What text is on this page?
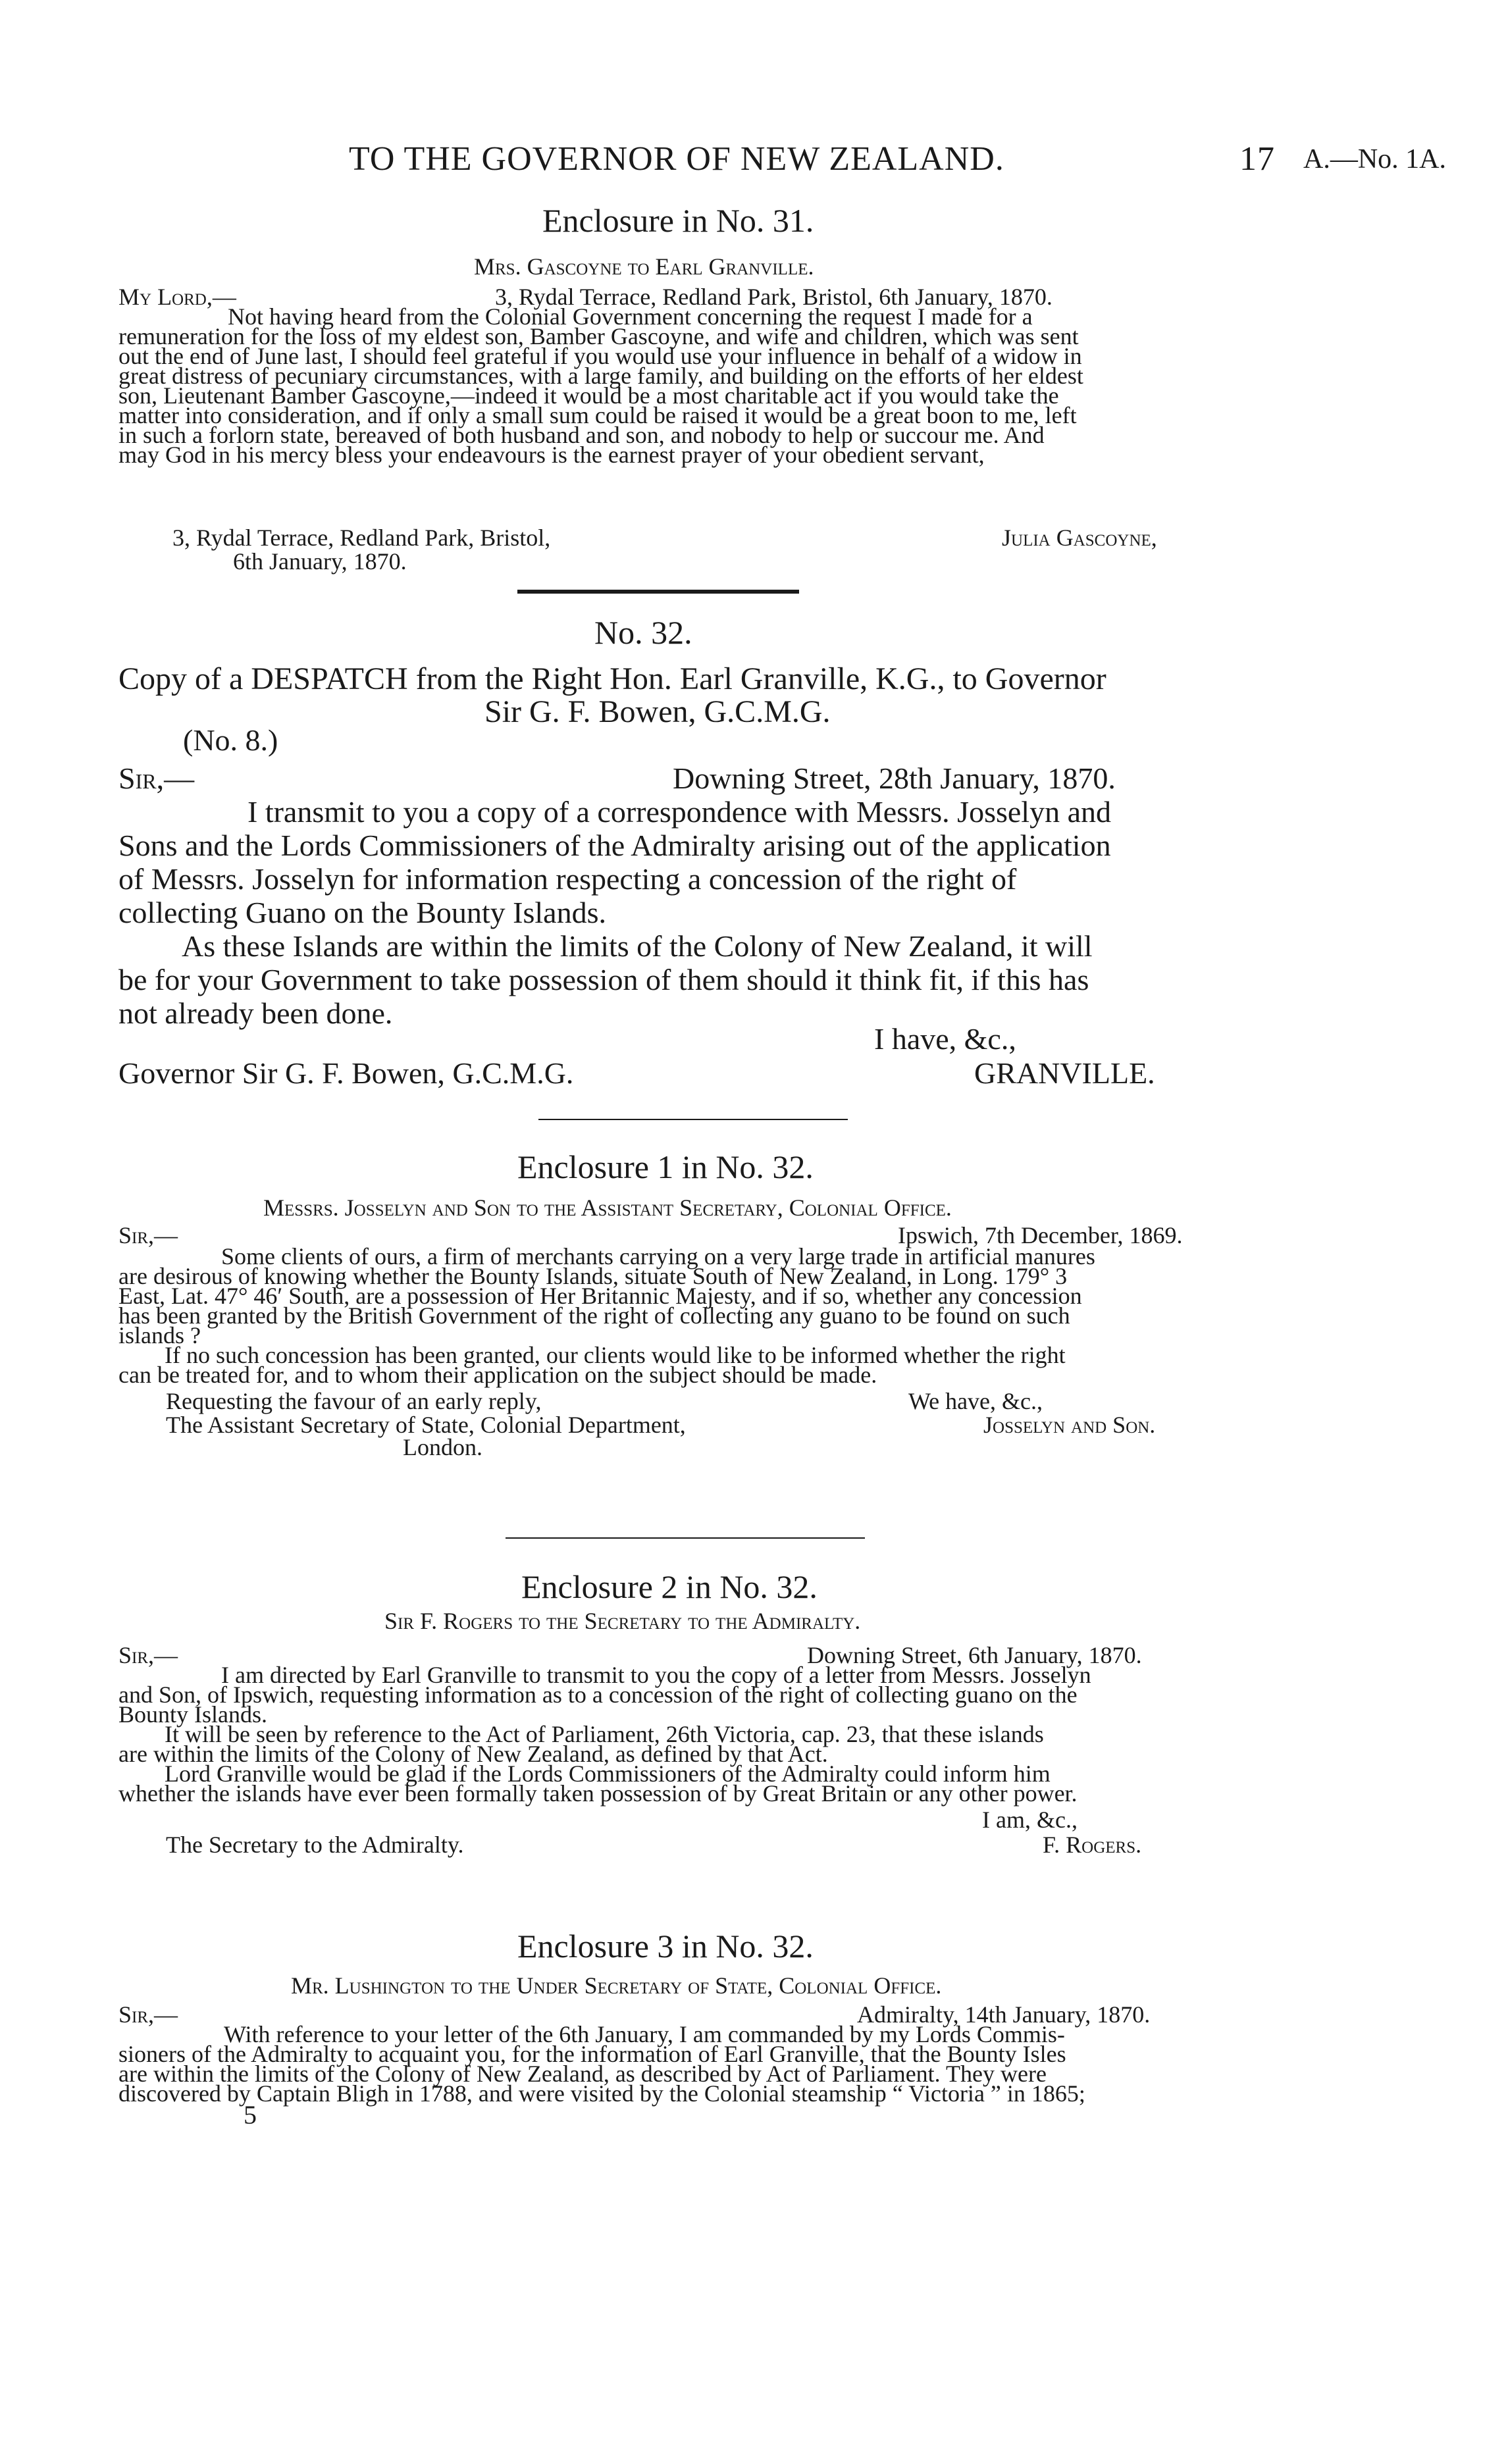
TO THE GOVERNOR OF NEW ZEALAND.	17 A.—No. 1A.
Enclosure in No. 31.
Mrs. Gascoyne to Earl Granville.
My Lord,—	3, Rydal Terrace, Redland Park, Bristol, 6th January, 1870.
Not having heard from the Colonial Government concerning the request I made for a
remuneration for the loss of my eldest son, Bamber Gascoyne, and wife and children, which was sent
out the end of June last, I should feel grateful if you would use your influence in behalf of a widow in
great distress of pecuniary circumstances, with a large family, and building on the efforts of her eldest
son, Lieutenant Bamber Gascoyne,—indeed it would be a most charitable act if you would take the
matter into consideration, and if only a small sum could be raised it would be a great boon to me, left
in such a forlorn state, bereaved of both husband and son, and nobody to help or succour me. And
may God in his mercy bless your endeavours is the earnest prayer of your obedient servant,
3, Rydal Terrace, Redland Park, Bristol,	Julia Gascoyne,
6th January, 1870.
No. 32.
Copy of a DESPATCH from the Right Hon. Earl Granville, K.G., to Governor
Sir G. F. Bowen, G.C.M.G.
(No. 8.)
Sir,—	Downing Street, 28th January, 1870.
I transmit to you a copy of a correspondence with Messrs. Josselyn and
Sons and the Lords Commissioners of the Admiralty arising out of the application
of Messrs. Josselyn for information respecting a concession of the right of
collecting Guano on the Bounty Islands.
As these Islands are within the limits of the Colony of New Zealand, it will
be for your Government to take possession of them should it think fit, if this has
not already been done.
I have, &c.,
Governor Sir G. F. Bowen, G.C.M.G.	GRANVILLE.
Enclosure 1 in No. 32.
Messrs. Josselyn and Son to the Assistant Secretary, Colonial Office.
Sir,—	Ipswich, 7th December, 1869.
Some clients of ours, a firm of merchants carrying on a very large trade in artificial manures
are desirous of knowing whether the Bounty Islands, situate South of New Zealand, in Long. 179° 3
East, Lat. 47° 46′ South, are a possession of Her Britannic Majesty, and if so, whether any concession
has been granted by the British Government of the right of collecting any guano to be found on such
islands ?
If no such concession has been granted, our clients would like to be informed whether the right
can be treated for, and to whom their application on the subject should be made.
Requesting the favour of an early reply,	We have, &c.,
The Assistant Secretary of State, Colonial Department,	Josselyn and Son.
London.
Enclosure 2 in No. 32.
Sir F. Rogers to the Secretary to the Admiralty.
Sir,—	Downing Street, 6th January, 1870.
I am directed by Earl Granville to transmit to you the copy of a letter from Messrs. Josselyn
and Son, of Ipswich, requesting information as to a concession of the right of collecting guano on the
Bounty Islands.
It will be seen by reference to the Act of Parliament, 26th Victoria, cap. 23, that these islands
are within the limits of the Colony of New Zealand, as defined by that Act.
Lord Granville would be glad if the Lords Commissioners of the Admiralty could inform him
whether the islands have ever been formally taken possession of by Great Britain or any other power.
I am, &c.,
The Secretary to the Admiralty.	F. Rogers.
Enclosure 3 in No. 32.
Mr. Lushington to the Under Secretary of State, Colonial Office.
Sir,—	Admiralty, 14th January, 1870.
With reference to your letter of the 6th January, I am commanded by my Lords Commis-
sioners of the Admiralty to acquaint you, for the information of Earl Granville, that the Bounty Isles
are within the limits of the Colony of New Zealand, as described by Act of Parliament. They were
discovered by Captain Bligh in 1788, and were visited by the Colonial steamship “ Victoria ” in 1865;
5
